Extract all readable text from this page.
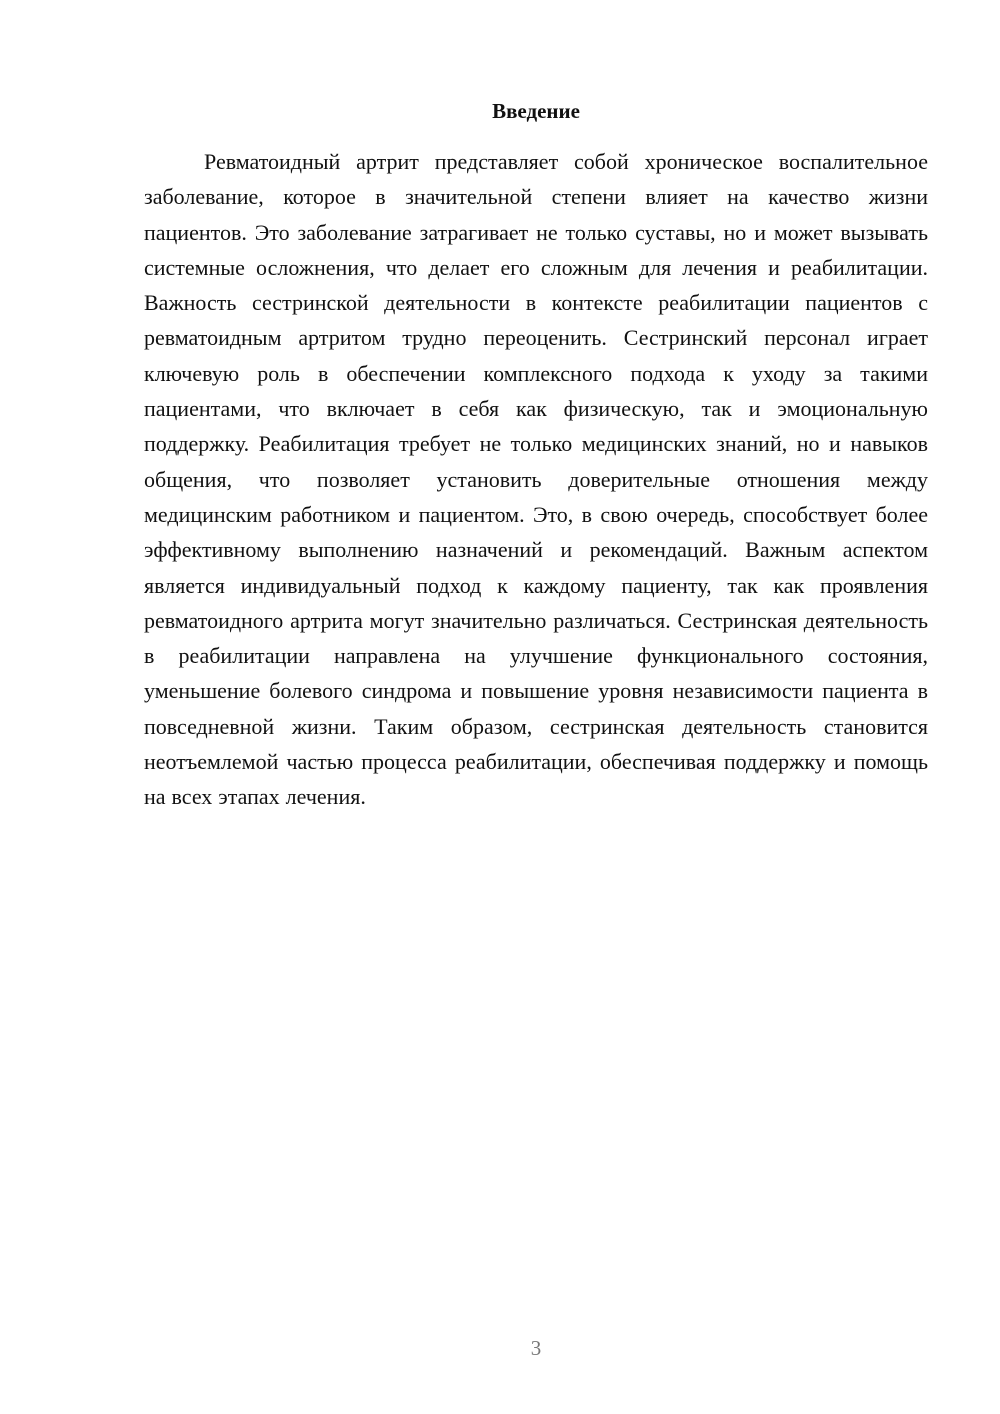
Введение

Ревматоидный артрит представляет собой хроническое воспалительное заболевание, которое в значительной степени влияет на качество жизни пациентов. Это заболевание затрагивает не только суставы, но и может вызывать системные осложнения, что делает его сложным для лечения и реабилитации. Важность сестринской деятельности в контексте реабилитации пациентов с ревматоидным артритом трудно переоценить. Сестринский персонал играет ключевую роль в обеспечении комплексного подхода к уходу за такими пациентами, что включает в себя как физическую, так и эмоциональную поддержку. Реабилитация требует не только медицинских знаний, но и навыков общения, что позволяет установить доверительные отношения между медицинским работником и пациентом. Это, в свою очередь, способствует более эффективному выполнению назначений и рекомендаций. Важным аспектом является индивидуальный подход к каждому пациенту, так как проявления ревматоидного артрита могут значительно различаться. Сестринская деятельность в реабилитации направлена на улучшение функционального состояния, уменьшение болевого синдрома и повышение уровня независимости пациента в повседневной жизни. Таким образом, сестринская деятельность становится неотъемлемой частью процесса реабилитации, обеспечивая поддержку и помощь на всех этапах лечения.

3
